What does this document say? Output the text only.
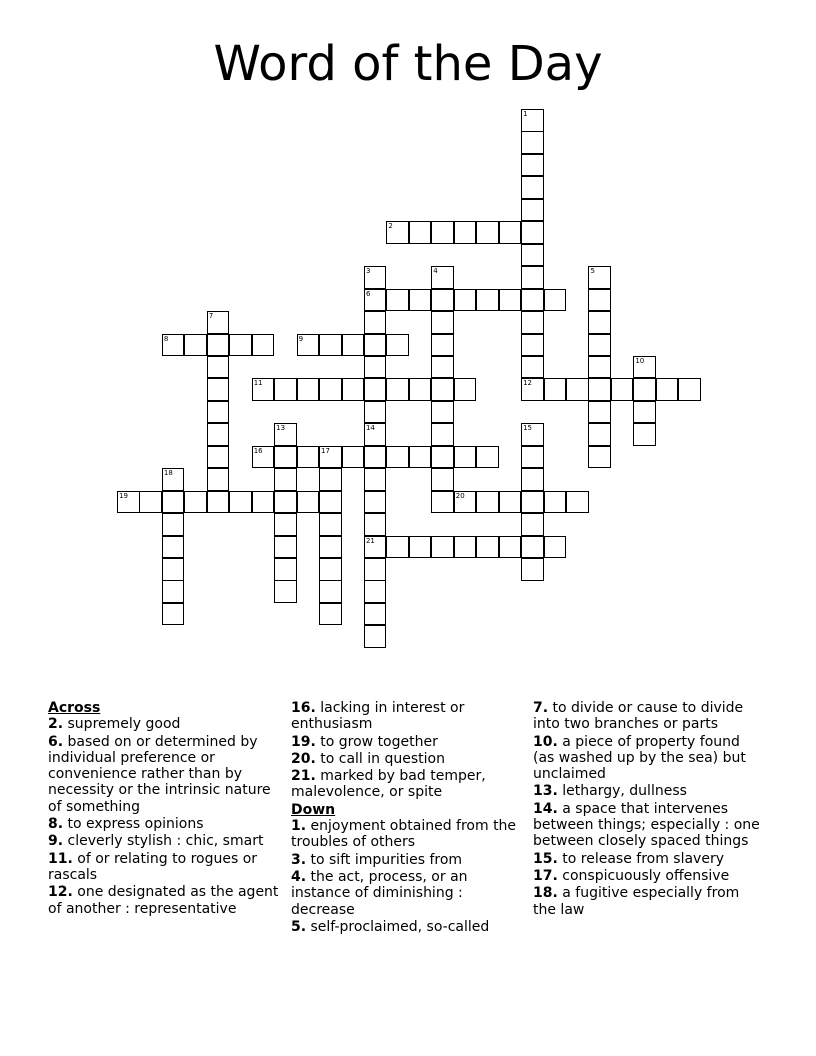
Word of the Day
1
2
3
6
4	5
7
8	9
10
11	12
13	14
21
15
16	17
18
19	20
Across
2. supremely good
6. based on or determined by individual preference or convenience rather than by necessity or the intrinsic nature of something
8. to express opinions
9. cleverly stylish : chic, smart
11. of or relating to rogues or rascals
12. one designated as the agent of another : representative
16. lacking in interest or enthusiasm
19. to grow together
20. to call in question
21. marked by bad temper, malevolence, or spite
Down
1. enjoyment obtained from the troubles of others
3. to sift impurities from
4. the act, process, or an instance of diminishing : decrease
5. self-proclaimed, so-called
7. to divide or cause to divide into two branches or parts
10. a piece of property found (as washed up by the sea) but unclaimed
13. lethargy, dullness
14. a space that intervenes between things; especially : one between closely spaced things
15. to release from slavery
17. conspicuously offensive
18. a fugitive especially from the law
